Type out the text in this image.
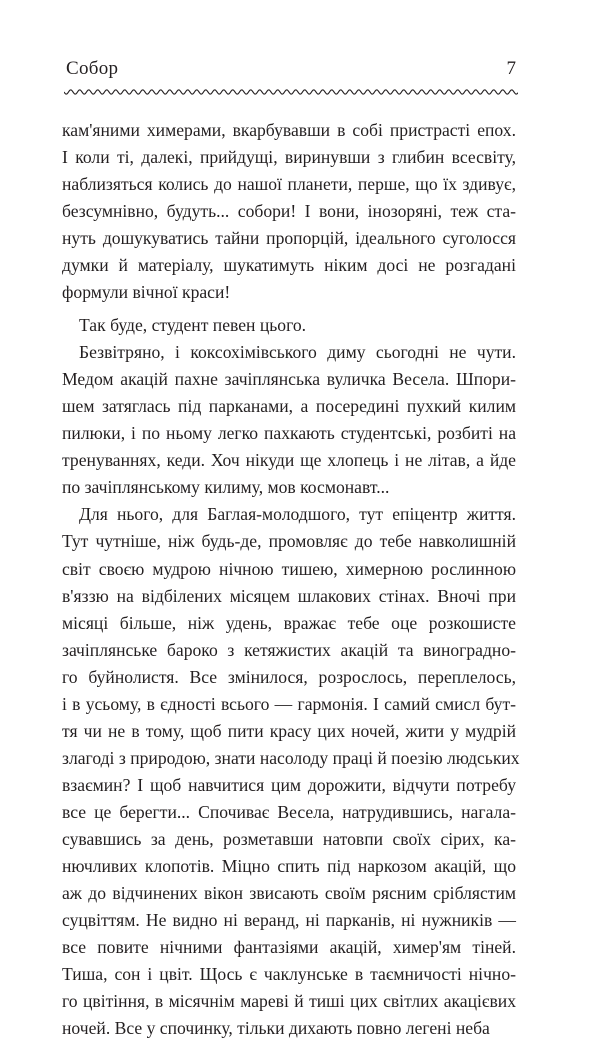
Собор	7
кам'яними химерами, вкарбувавши в собі пристрасті епох.
І коли ті, далекі, прийдущі, виринувши з глибин всесвіту,
наблизяться колись до нашої планети, перше, що їх здивує,
безсумнівно, будуть... собори! І вони, інозоряні, теж ста-
нуть дошукуватись тайни пропорцій, ідеального суголосся
думки й матеріалу, шукатимуть ніким досі не розгадані
формули вічної краси!
Так буде, студент певен цього.
Безвітряно, і коксохімівського диму сьогодні не чути.
Медом акацій пахне зачіплянська вуличка Весела. Шпори-
шем затяглась під парканами, а посередині пухкий килим
пилюки, і по ньому легко пахкають студентські, розбиті на
тренуваннях, кеди. Хоч нікуди ще хлопець і не літав, а йде
по зачіплянському килиму, мов космонавт...
Для нього, для Баглая-молодшого, тут епіцентр життя.
Тут чутніше, ніж будь-де, промовляє до тебе навколишній
світ своєю мудрою нічною тишею, химерною рослинною
в'яззю на відбілених місяцем шлакових стінах. Вночі при
місяці більше, ніж удень, вражає тебе оце розкошисте
зачіплянське бароко з кетяжистих акацій та виноградно-
го буйнолистя. Все змінилося, розрослось, переплелось,
і в усьому, в єдності всього — гармонія. І самий смисл бут-
тя чи не в тому, щоб пити красу цих ночей, жити у мудрій
злагоді з природою, знати насолоду праці й поезію людських
взаємин? І щоб навчитися цим дорожити, відчути потребу
все це берегти... Спочиває Весела, натрудившись, нагала-
сувавшись за день, розметавши натовпи своїх сірих, ка-
нючливих клопотів. Міцно спить під наркозом акацій, що
аж до відчинених вікон звисають своїм рясним сріблястим
суцвіттям. Не видно ні веранд, ні парканів, ні нужників —
все повите нічними фантазіями акацій, химер'ям тіней.
Тиша, сон і цвіт. Щось є чаклунське в таємничості нічно-
го цвітіння, в місячнім мареві й тиші цих світлих акацієвих
ночей. Все у спочинку, тільки дихають повно легені неба
